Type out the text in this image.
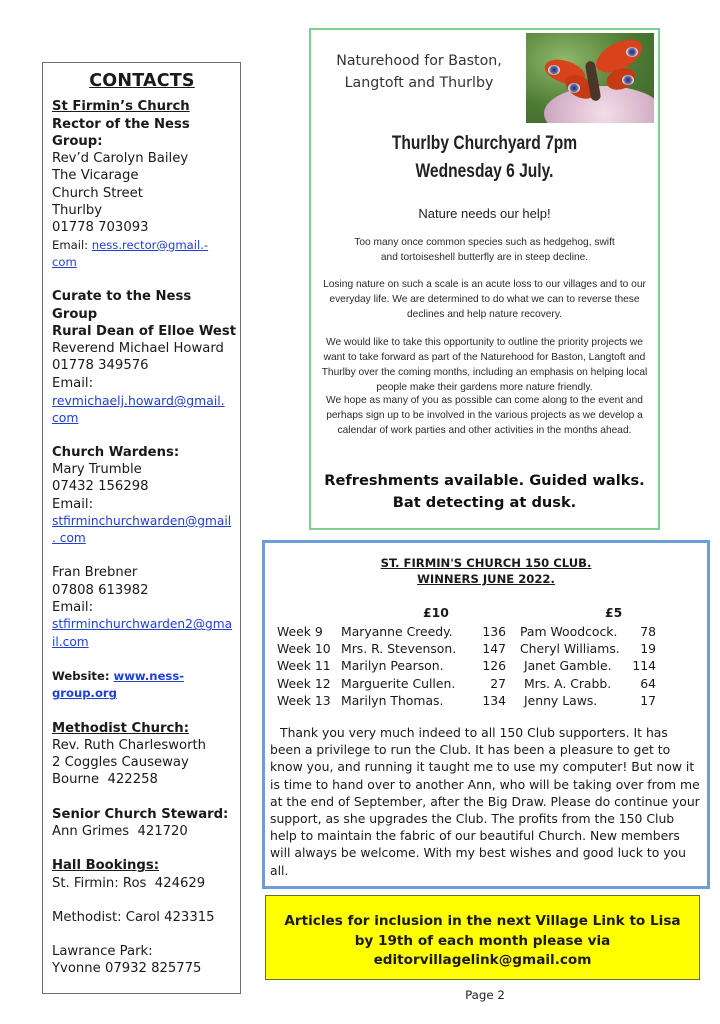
CONTACTS
St Firmin’s Church
Rector of the Ness
Group:
Rev’d Carolyn Bailey
The Vicarage
Church Street
Thurlby
01778 703093
Email: ness.rector@gmail.-
com
Curate to the Ness
Group
Rural Dean of Elloe West
Reverend Michael Howard
01778 349576
Email:
revmichaelj.howard@gmail.
com
Church Wardens:
Mary Trumble
07432 156298
Email:
stfirminchurchwarden@gmail
. com
Fran Brebner
07808 613982
Email:
stfirminchurchwarden2@gma
il.com
Website: www.ness-
group.org
Methodist Church:
Rev. Ruth Charlesworth
2 Coggles Causeway
Bourne  422258
Senior Church Steward:
Ann Grimes  421720
Hall Bookings:
St. Firmin: Ros  424629
Methodist: Carol 423315
Lawrance Park:
Yvonne 07932 825775
Naturehood for Baston,
Langtoft and Thurlby
Thurlby Churchyard 7pm
Wednesday 6 July.
Nature needs our help!
Too many once common species such as hedgehog, swift and tortoiseshell butterfly are in steep decline.
Losing nature on such a scale is an acute loss to our villages and to our everyday life. We are determined to do what we can to reverse these declines and help nature recovery.
We would like to take this opportunity to outline the priority projects we want to take forward as part of the Naturehood for Baston, Langtoft and Thurlby over the coming months, including an emphasis on helping local people make their gardens more nature friendly.
We hope as many of you as possible can come along to the event and perhaps sign up to be involved in the various projects as we develop a calendar of work parties and other activities in the months ahead.
Refreshments available. Guided walks.
Bat detecting at dusk.
ST. FIRMIN'S CHURCH 150 CLUB.
WINNERS JUNE 2022.
£10	£5
Week 9	Maryanne Creedy.	136	Pam Woodcock.	78
Week 10	Mrs. R. Stevenson.	147	Cheryl Williams.	19
Week 11	Marilyn Pearson.	126	Janet Gamble.	114
Week 12	Marguerite Cullen.	27	Mrs. A. Crabb.	64
Week 13	Marilyn Thomas.	134	Jenny Laws.	17
Thank you very much indeed to all 150 Club supporters. It has been a privilege to run the Club. It has been a pleasure to get to know you, and running it taught me to use my computer! But now it is time to hand over to another Ann, who will be taking over from me at the end of September, after the Big Draw. Please do continue your support, as she upgrades the Club. The profits from the 150 Club help to maintain the fabric of our beautiful Church. New members will always be welcome. With my best wishes and good luck to you all.
Articles for inclusion in the next Village Link to Lisa
by 19th of each month please via
editorvillagelink@gmail.com
Page 2
